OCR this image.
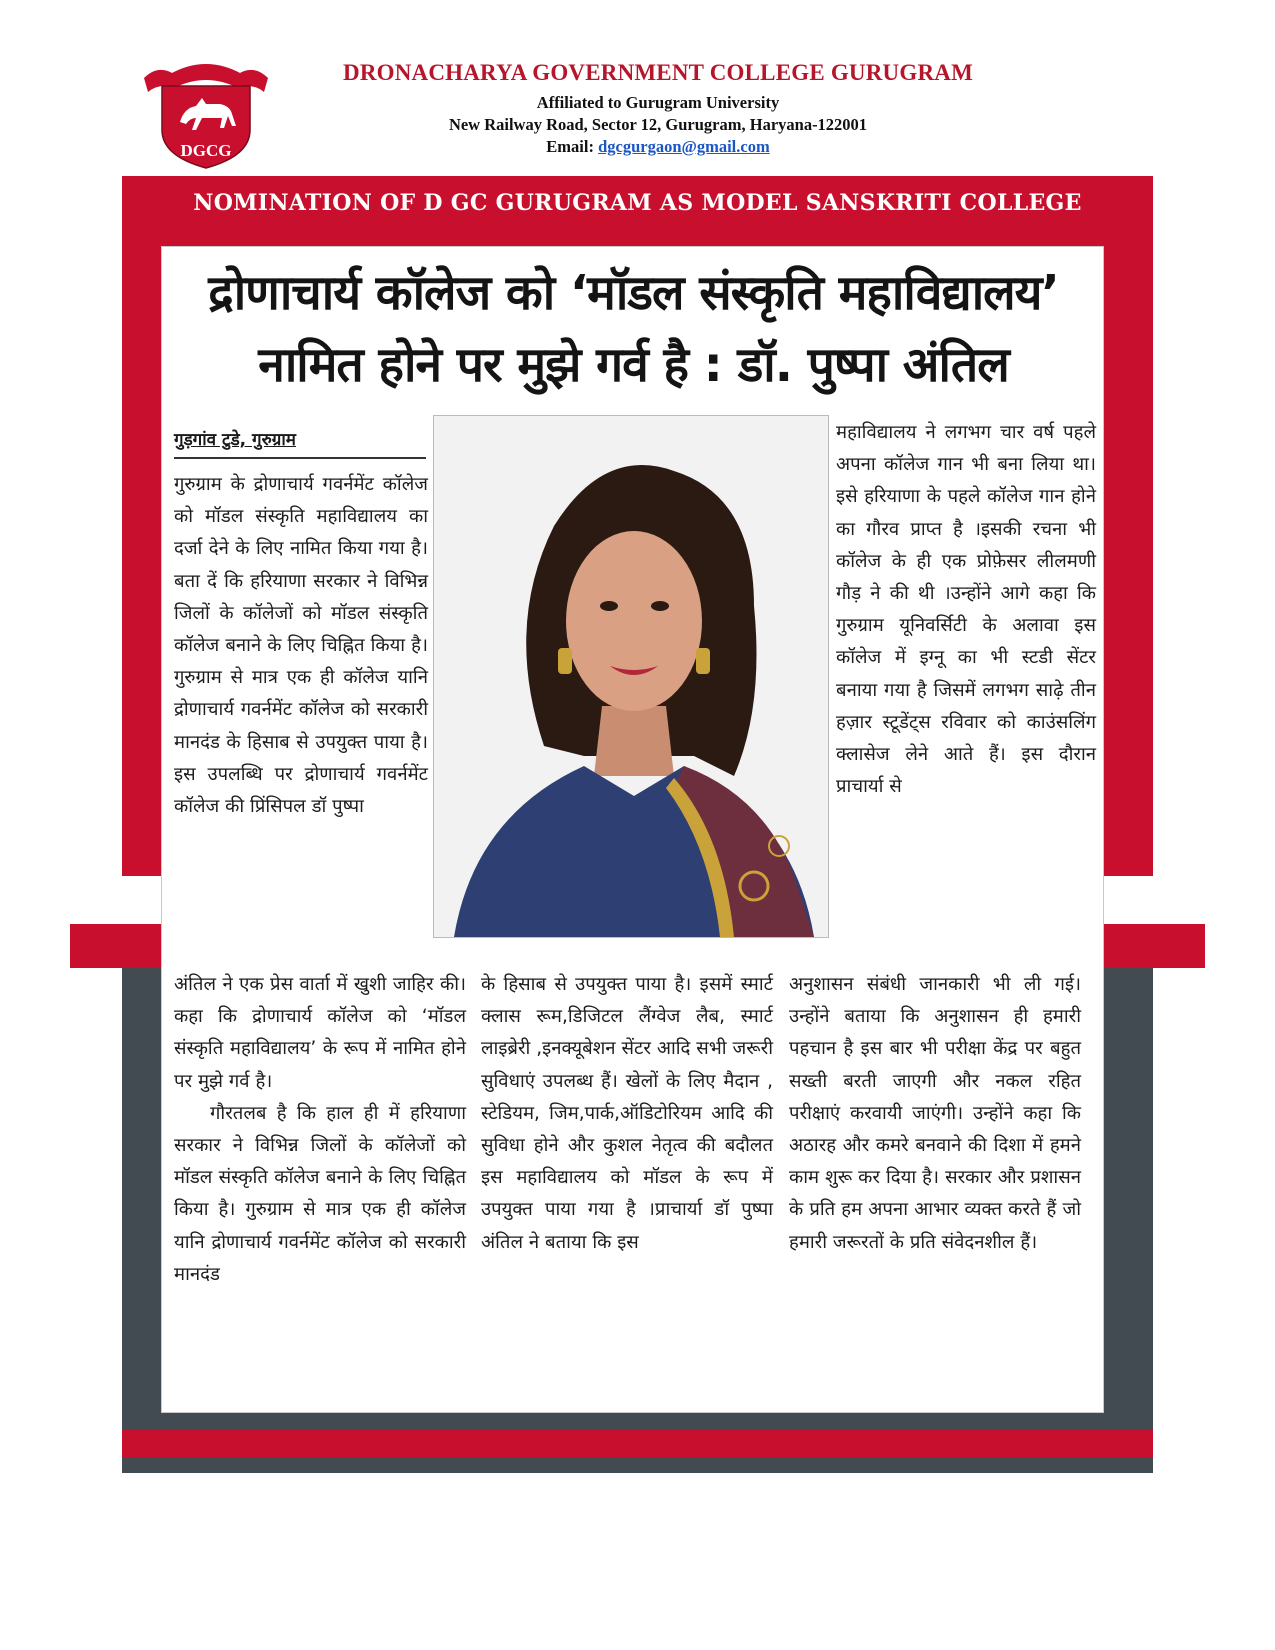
DGCG
DRONACHARYA GOVERNMENT COLLEGE GURUGRAM
Affiliated to Gurugram University
New Railway Road, Sector 12, Gurugram, Haryana-122001
Email: dgcgurgaon@gmail.com
NOMINATION OF D GC GURUGRAM AS MODEL SANSKRITI COLLEGE
द्रोणाचार्य कॉलेज को ‘मॉडल संस्कृति महाविद्यालय’
नामित होने पर मुझे गर्व है : डॉ. पुष्पा अंतिल
गुड़गांव टुडे, गुरुग्राम
गुरुग्राम के द्रोणाचार्य गवर्नमेंट कॉलेज को मॉडल संस्कृति महाविद्यालय का दर्जा देने के लिए नामित किया गया है। बता दें कि हरियाणा सरकार ने विभिन्न जिलों के कॉलेजों को मॉडल संस्कृति कॉलेज बनाने के लिए चिह्नित किया है। गुरुग्राम से मात्र एक ही कॉलेज यानि द्रोणाचार्य गवर्नमेंट कॉलेज को सरकारी मानदंड के हिसाब से उपयुक्त पाया है। इस उपलब्धि पर द्रोणाचार्य गवर्नमेंट कॉलेज की प्रिंसिपल डॉ पुष्पा
महाविद्यालय ने लगभग चार वर्ष पहले अपना कॉलेज गान भी बना लिया था। इसे हरियाणा के पहले कॉलेज गान होने का गौरव प्राप्त है ।इसकी रचना भी कॉलेज के ही एक प्रोफ़ेसर लीलमणी गौड़ ने की थी ।उन्होंने आगे कहा कि गुरुग्राम यूनिवर्सिटी के अलावा इस कॉलेज में इग्नू का भी स्टडी सेंटर बनाया गया है जिसमें लगभग साढ़े तीन हज़ार स्टूडेंट्स रविवार को काउंसलिंग क्लासेज लेने आते हैं। इस दौरान प्राचार्या से

अंतिल ने एक प्रेस वार्ता में खुशी जाहिर की। कहा कि द्रोणाचार्य कॉलेज को ‘मॉडल संस्कृति महाविद्यालय’ के रूप में नामित होने पर मुझे गर्व है।

गौरतलब है कि हाल ही में हरियाणा सरकार ने विभिन्न जिलों के कॉलेजों को मॉडल संस्कृति कॉलेज बनाने के लिए चिह्नित किया है। गुरुग्राम से मात्र एक ही कॉलेज यानि द्रोणाचार्य गवर्नमेंट कॉलेज को सरकारी मानदंड

के हिसाब से उपयुक्त पाया है। इसमें स्मार्ट क्लास रूम,डिजिटल लैंग्वेज लैब, स्मार्ट लाइब्रेरी ,इनक्यूबेशन सेंटर आदि सभी जरूरी सुविधाएं उपलब्ध हैं। खेलों के लिए मैदान , स्टेडियम, जिम,पार्क,ऑडिटोरियम आदि की सुविधा होने और कुशल नेतृत्व की बदौलत इस महाविद्यालय को मॉडल के रूप में उपयुक्त पाया गया है ।प्राचार्या डॉ पुष्पा अंतिल ने बताया कि इस
अनुशासन संबंधी जानकारी भी ली गई। उन्होंने बताया कि अनुशासन ही हमारी पहचान है इस बार भी परीक्षा केंद्र पर बहुत सख्ती बरती जाएगी और नकल रहित परीक्षाएं करवायी जाएंगी। उन्होंने कहा कि अठारह और कमरे बनवाने की दिशा में हमने काम शुरू कर दिया है। सरकार और प्रशासन के प्रति हम अपना आभार व्यक्त करते हैं जो हमारी जरूरतों के प्रति संवेदनशील हैं।
